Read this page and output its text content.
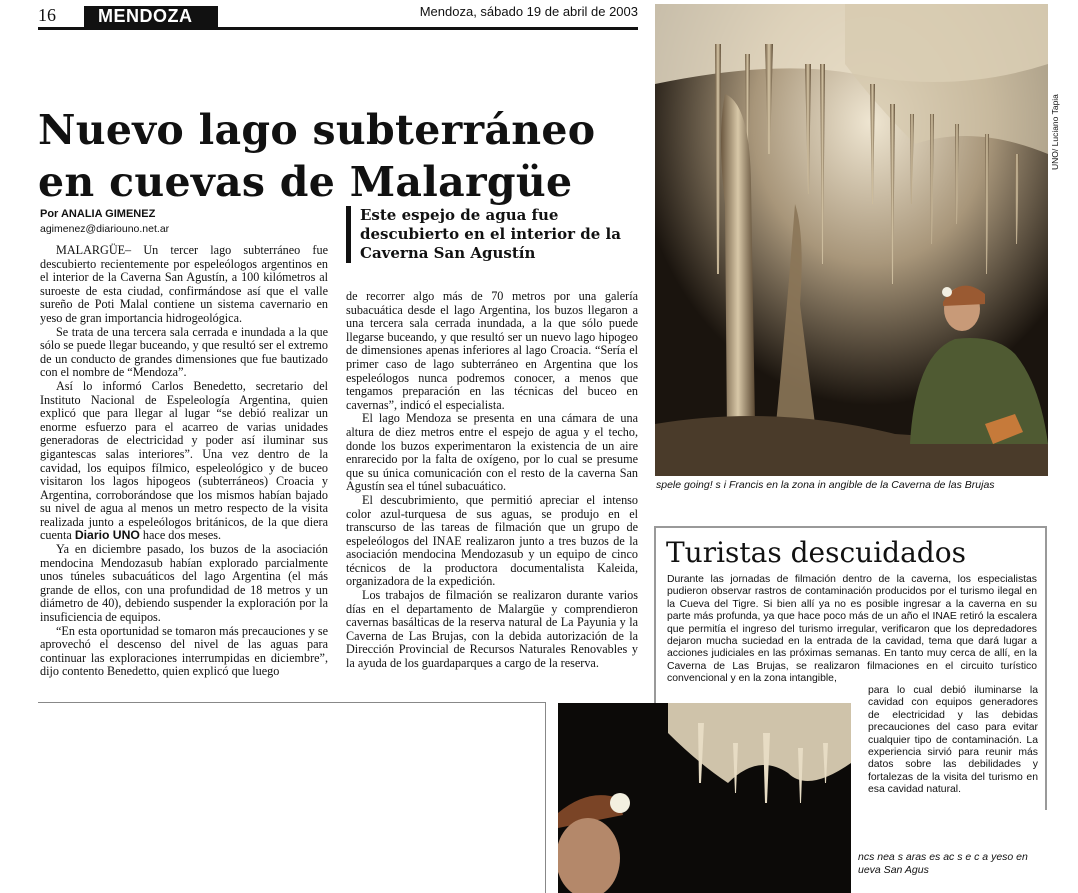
16	MENDOZA	Mendoza, sábado 19 de abril de 2003
Nuevo lago subterráneo
en cuevas de Malargüe
Por ANALIA GIMENEZ
agimenez@diariouno.net.ar
Este espejo de agua fue descubierto en el interior de la Caverna San Agustín

MALARGÜE– Un tercer lago subterráneo fue descubierto recientemente por espeleólogos argentinos en el interior de la Caverna San Agustín, a 100 kilómetros al suroeste de esta ciudad, confirmándose así que el valle sureño de Poti Malal contiene un sistema cavernario en yeso de gran importancia hidrogeológica.

Se trata de una tercera sala cerrada e inundada a la que sólo se puede llegar buceando, y que resultó ser el extremo de un conducto de grandes dimensiones que fue bautizado con el nombre de “Mendoza”.

Así lo informó Carlos Benedetto, secretario del Instituto Nacional de Espeleología Argentina, quien explicó que para llegar al lugar “se debió realizar un enorme esfuerzo para el acarreo de varias unidades generadoras de electricidad y poder así iluminar sus gigantescas salas interiores”. Una vez dentro de la cavidad, los equipos fílmico, espeleológico y de buceo visitaron los lagos hipogeos (subterráneos) Croacia y Argentina, corroborándose que los mismos habían bajado su nivel de agua al menos un metro respecto de la visita realizada junto a espeleólogos británicos, de la que diera cuenta Diario UNO hace dos meses.

Ya en diciembre pasado, los buzos de la asociación mendocina Mendozasub habían explorado parcialmente unos túneles subacuáticos del lago Argentina (el más grande de ellos, con una profundidad de 18 metros y un diámetro de 40), debiendo suspender la exploración por la insuficiencia de equipos.

“En esta oportunidad se tomaron más precauciones y se aprovechó el descenso del nivel de las aguas para continuar las exploraciones interrumpidas en diciembre”, dijo contento Benedetto, quien explicó que luego

de recorrer algo más de 70 metros por una galería subacuática desde el lago Argentina, los buzos llegaron a una tercera sala cerrada inundada, a la que sólo puede llegarse buceando, y que resultó ser un nuevo lago hipogeo de dimensiones apenas inferiores al lago Croacia. “Sería el primer caso de lago subterráneo en Argentina que los espeleólogos nunca podremos conocer, a menos que tengamos preparación en las técnicas del buceo en cavernas”, indicó el especialista.

El lago Mendoza se presenta en una cámara de una altura de diez metros entre el espejo de agua y el techo, donde los buzos experimentaron la existencia de un aire enrarecido por la falta de oxígeno, por lo cual se presume que su única comunicación con el resto de la caverna San Agustín sea el túnel subacuático.

El descubrimiento, que permitió apreciar el intenso color azul-turquesa de sus aguas, se produjo en el transcurso de las tareas de filmación que un grupo de espeleólogos del INAE realizaron junto a tres buzos de la asociación mendocina Mendozasub y un equipo de cinco técnicos de la productora documentalista Kaleida, organizadora de la expedición.

Los trabajos de filmación se realizaron durante varios días en el departamento de Malargüe y comprendieron cavernas basálticas de la reserva natural de La Payunia y la Caverna de Las Brujas, con la debida autorización de la Dirección Provincial de Recursos Naturales Renovables y la ayuda de los guardaparques a cargo de la reserva.

UNO/ Luciano Tapia
spele going! s i Francis en la zona in angible de la Caverna de las Brujas
Turistas descuidados
Durante las jornadas de filmación dentro de la caverna, los especialistas pudieron observar rastros de contaminación producidos por el turismo ilegal en la Cueva del Tigre. Si bien allí ya no es posible ingresar a la caverna en su parte más profunda, ya que hace poco más de un año el INAE retiró la escalera que permitía el ingreso del turismo irregular, verificaron que los depredadores dejaron mucha suciedad en la entrada de la cavidad, tema que dará lugar a acciones judiciales en las próximas semanas. En tanto muy cerca de allí, en la Caverna de Las Brujas, se realizaron filmaciones en el circuito turístico convencional y en la zona intangible,
para lo cual debió iluminarse la cavidad con equipos generadores de electricidad y las debidas precauciones del caso para evitar cualquier tipo de contaminación. La experiencia sirvió para reunir más datos sobre las debilidades y fortalezas de la visita del turismo en esa cavidad natural.
ncs nea s aras es ac s e c a yeso en ueva San Agus
